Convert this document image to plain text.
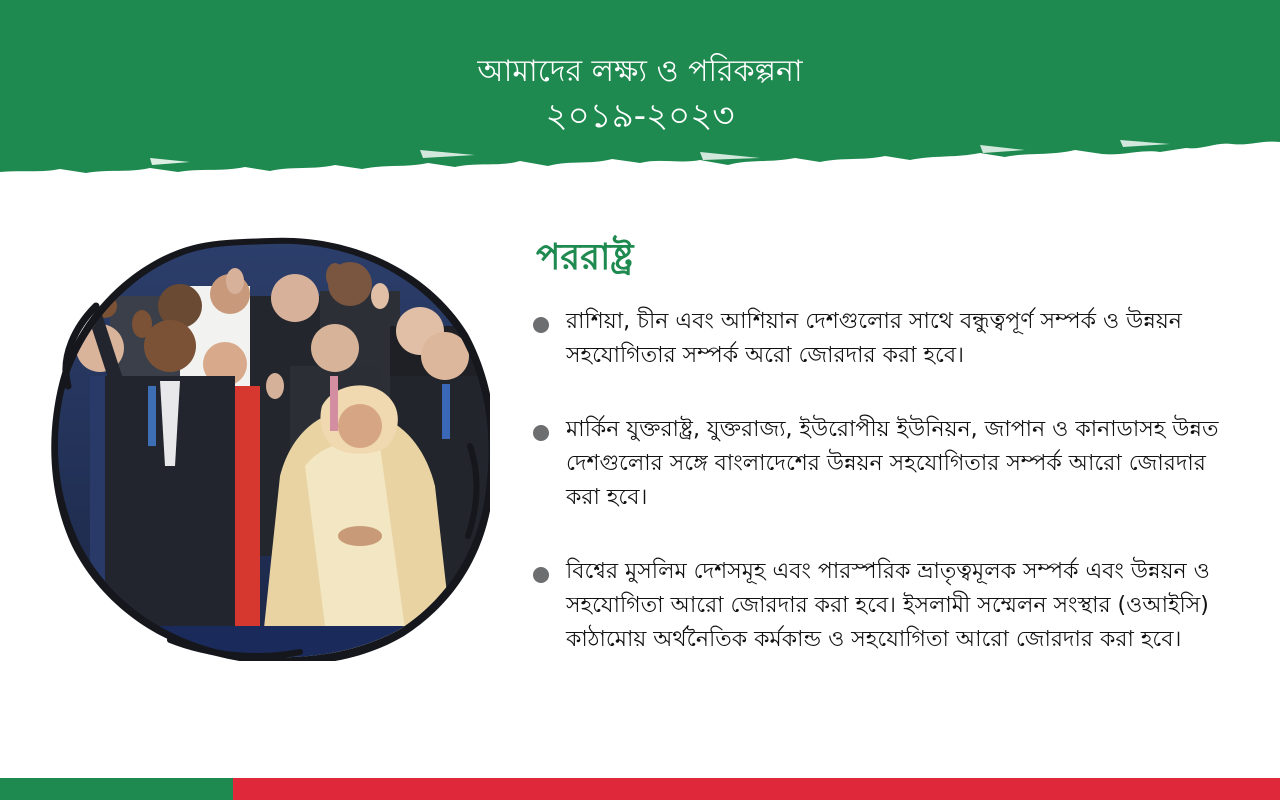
আমাদের লক্ষ্য ও পরিকল্পনা
২০১৯-২০২৩
পররাষ্ট্র
রাশিয়া, চীন এবং আশিয়ান দেশগুলোর সাথে বন্ধুত্বপূর্ণ সম্পর্ক ও উন্নয়ন সহযোগিতার সম্পর্ক অরো জোরদার করা হবে।
মার্কিন যুক্তরাষ্ট্র, যুক্তরাজ্য, ইউরোপীয় ইউনিয়ন, জাপান ও কানাডাসহ উন্নত দেশগুলোর সঙ্গে বাংলাদেশের উন্নয়ন সহযোগিতার সম্পর্ক আরো জোরদার করা হবে।
বিশ্বের মুসলিম দেশসমূহ এবং পারস্পরিক ভ্রাতৃত্বমূলক সম্পর্ক এবং উন্নয়ন ও সহযোগিতা আরো জোরদার করা হবে। ইসলামী সম্মেলন সংস্থার (ওআইসি) কাঠামোয় অর্থনৈতিক কর্মকান্ড ও সহযোগিতা আরো জোরদার করা হবে।
